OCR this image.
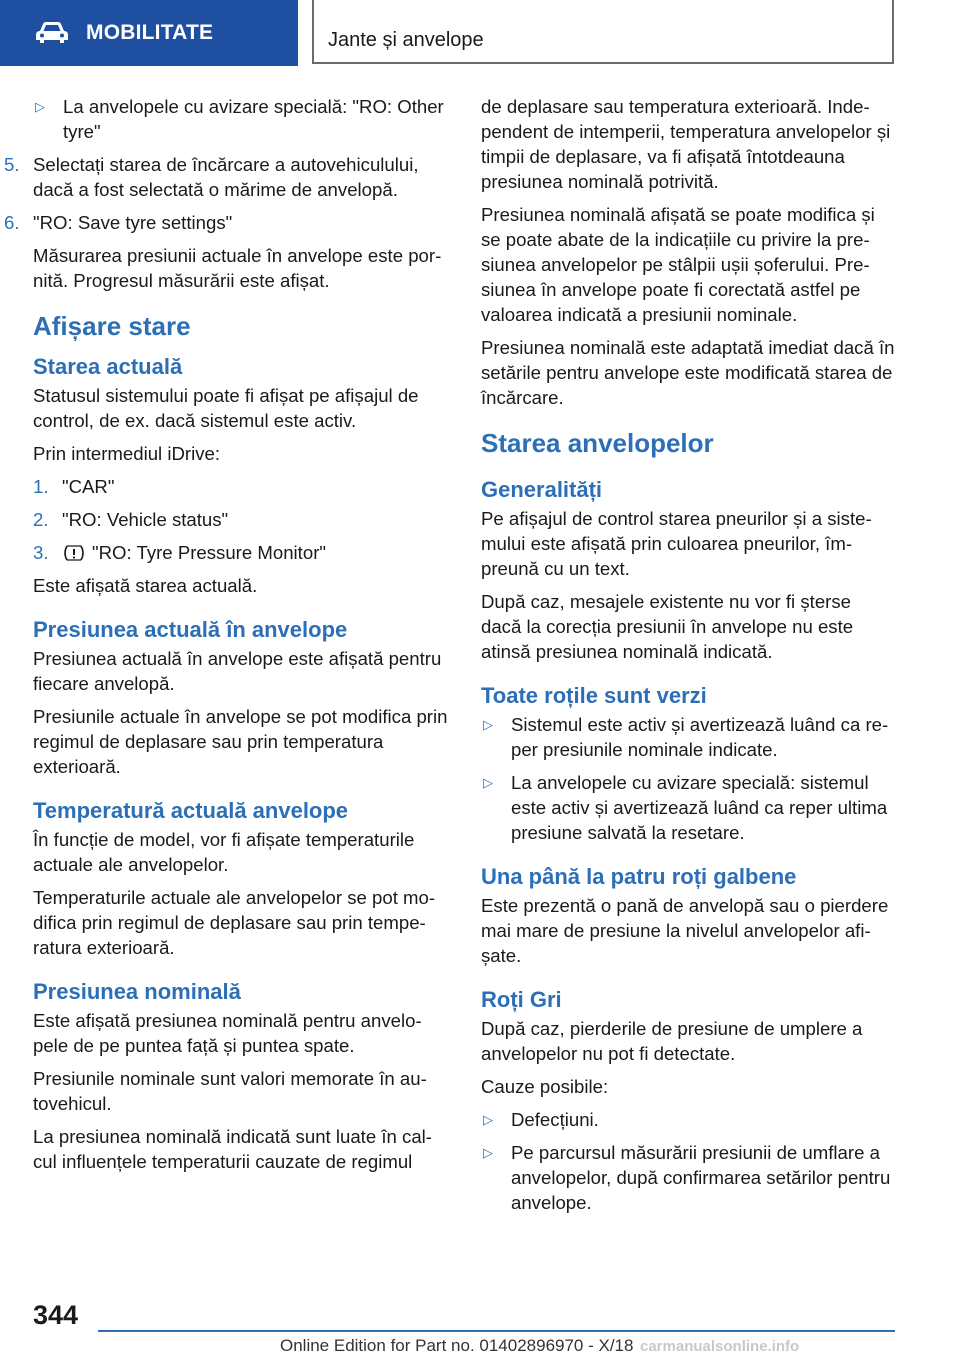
MOBILITATE	Jante și anvelope
▷ La anvelopele cu avizare specială: "RO: Other tyre"
5. Selectați starea de încărcare a autovehiculului, dacă a fost selectată o mărime de anvelopă.
6. "RO: Save tyre settings"

Măsurarea presiunii actuale în anvelope este pornită. Progresul măsurării este afișat.

Afișare stare
Starea actuală

Statusul sistemului poate fi afișat pe afișajul de control, de ex. dacă sistemul este activ.

Prin intermediul iDrive:

1. "CAR"
2. "RO: Vehicle status"
3.	"RO: Tyre Pressure Monitor"

Este afișată starea actuală.

Presiunea actuală în anvelope

Presiunea actuală în anvelope este afișată pentru fiecare anvelopă.

Presiunile actuale în anvelope se pot modifica prin regimul de deplasare sau prin temperatura exterioară.

Temperatură actuală anvelope

În funcție de model, vor fi afișate temperaturile actuale ale anvelopelor.

Temperaturile actuale ale anvelopelor se pot modifica prin regimul de deplasare sau prin temperatura exterioară.

Presiunea nominală

Este afișată presiunea nominală pentru anvelopele de pe puntea față și puntea spate.

Presiunile nominale sunt valori memorate în autovehicul.

La presiunea nominală indicată sunt luate în calcul influențele temperaturii cauzate de regimul

de deplasare sau temperatura exterioară. Independent de intemperii, temperatura anvelopelor și timpii de deplasare, va fi afișată întotdeauna presiunea nominală potrivită.

Presiunea nominală afișată se poate modifica și se poate abate de la indicațiile cu privire la presiunea anvelopelor pe stâlpii ușii șoferului. Presiunea în anvelope poate fi corectată astfel pe valoarea indicată a presiunii nominale.

Presiunea nominală este adaptată imediat dacă în setările pentru anvelope este modificată starea de încărcare.

Starea anvelopelor
Generalități

Pe afișajul de control starea pneurilor și a sistemului este afișată prin culoarea pneurilor, împreună cu un text.

După caz, mesajele existente nu vor fi șterse dacă la corecția presiunii în anvelope nu este atinsă presiunea nominală indicată.

Toate roțile sunt verzi
▷ Sistemul este activ și avertizează luând ca reper presiunile nominale indicate.
▷ La anvelopele cu avizare specială: sistemul este activ și avertizează luând ca reper ultima presiune salvată la resetare.
Una până la patru roți galbene

Este prezentă o pană de anvelopă sau o pierdere mai mare de presiune la nivelul anvelopelor afișate.

Roți Gri

După caz, pierderile de presiune de umplere a anvelopelor nu pot fi detectate.

Cauze posibile:

▷ Defecțiuni.
▷ Pe parcursul măsurării presiunii de umflare a anvelopelor, după confirmarea setărilor pentru anvelope.
344
Online Edition for Part no. 01402896970 - X/18 carmanualsonline.info
